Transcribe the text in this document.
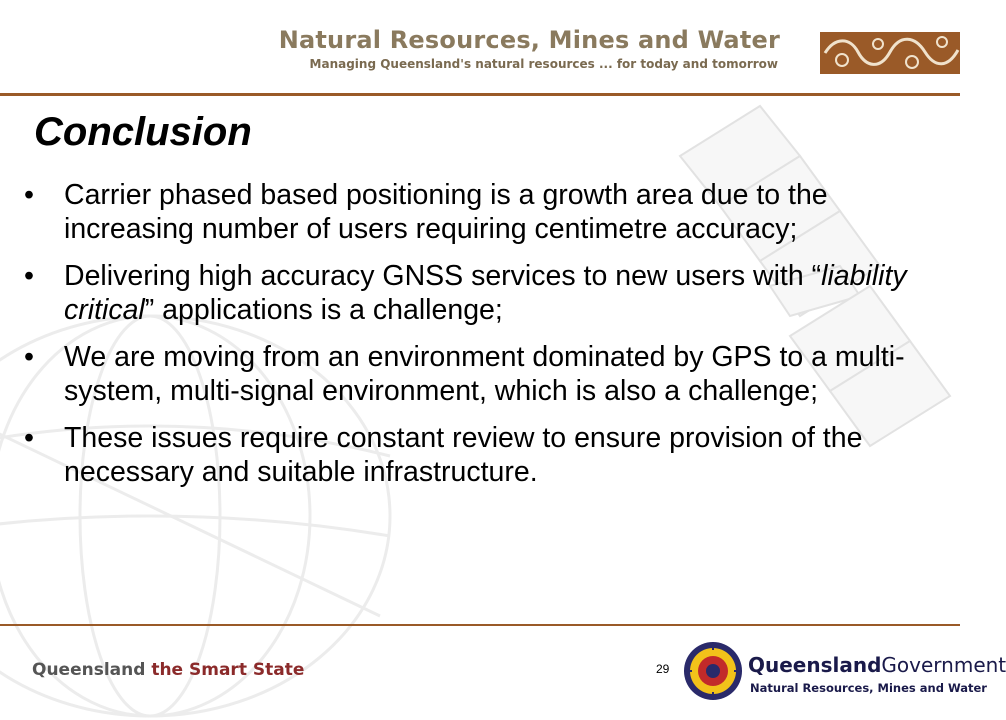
Natural Resources, Mines and Water
Managing Queensland's natural resources ... for today and tomorrow
Conclusion
• Carrier phased based positioning is a growth area due to the increasing number of users requiring centimetre accuracy;
• Delivering high accuracy GNSS services to new users with “liability critical” applications is a challenge;
• We are moving from an environment dominated by GPS to a multi-system, multi-signal environment, which is also a challenge;
• These issues require constant review to ensure provision of the necessary and suitable infrastructure.
Queensland the Smart State	29	QueenslandGovernment
Natural Resources, Mines and Water
